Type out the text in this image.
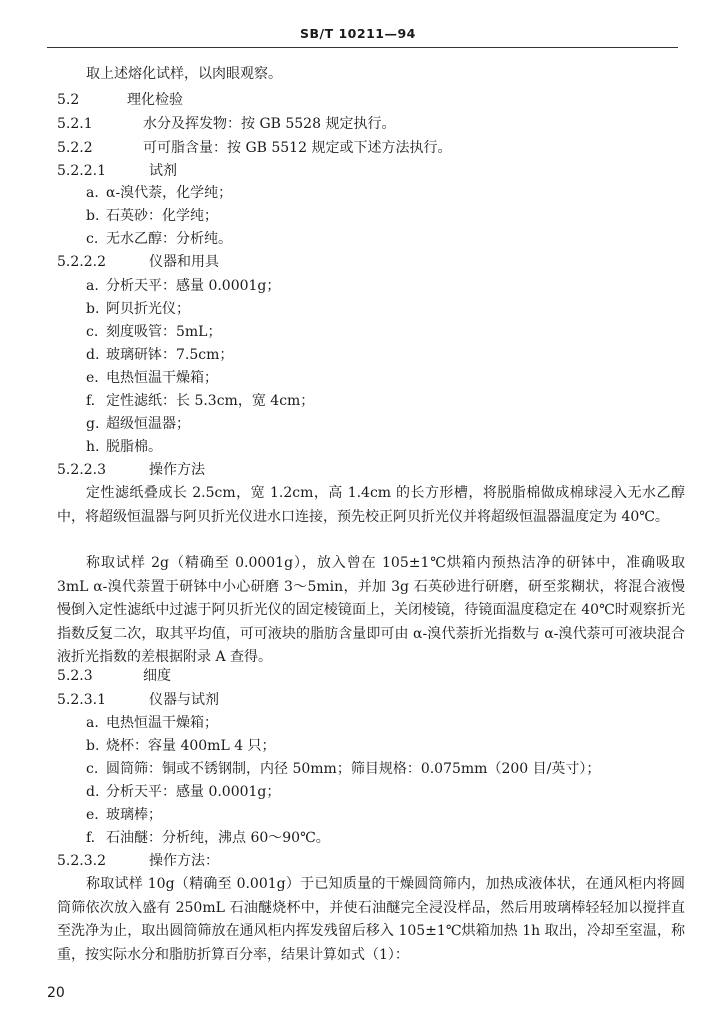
SB/T 10211—94
取上述熔化试样，以肉眼观察。
5.2	理化检验
5.2.1	水分及挥发物：按 GB 5528 规定执行。
5.2.2	可可脂含量：按 GB 5512 规定或下述方法执行。
5.2.2.1	试剂
a. α-溴代萘，化学纯；
b. 石英砂：化学纯；
c. 无水乙醇：分析纯。
5.2.2.2	仪器和用具
a. 分析天平：感量 0.0001g；
b. 阿贝折光仪；
c. 刻度吸管：5mL；
d. 玻璃研钵：7.5cm；
e. 电热恒温干燥箱；
f. 定性滤纸：长 5.3cm，宽 4cm；
g. 超级恒温器；
h. 脱脂棉。
5.2.2.3	操作方法
定性滤纸叠成长 2.5cm，宽 1.2cm，高 1.4cm 的长方形槽，将脱脂棉做成棉球浸入无水乙醇中，将超级恒温器与阿贝折光仪进水口连接，预先校正阿贝折光仪并将超级恒温器温度定为 40℃。
称取试样 2g（精确至 0.0001g），放入曾在 105±1℃烘箱内预热洁净的研钵中，准确吸取 3mL α-溴代萘置于研钵中小心研磨 3～5min，并加 3g 石英砂进行研磨，研至浆糊状，将混合液慢慢倒入定性滤纸中过滤于阿贝折光仪的固定棱镜面上，关闭棱镜，待镜面温度稳定在 40℃时观察折光指数反复二次，取其平均值，可可液块的脂肪含量即可由 α-溴代萘折光指数与 α-溴代萘可可液块混合液折光指数的差根据附录 A 查得。
5.2.3	细度
5.2.3.1	仪器与试剂
a. 电热恒温干燥箱；
b. 烧杯：容量 400mL 4 只；
c. 圆筒筛：铜或不锈钢制，内径 50mm；筛目规格：0.075mm（200 目/英寸）；
d. 分析天平：感量 0.0001g；
e. 玻璃棒；
f. 石油醚：分析纯，沸点 60～90℃。
5.2.3.2	操作方法：
称取试样 10g（精确至 0.001g）于已知质量的干燥圆筒筛内，加热成液体状，在通风柜内将圆筒筛依次放入盛有 250mL 石油醚烧杯中，并使石油醚完全浸没样品，然后用玻璃棒轻轻加以搅拌直至洗净为止，取出圆筒筛放在通风柜内挥发残留后移入 105±1℃烘箱加热 1h 取出，冷却至室温，称重，按实际水分和脂肪折算百分率，结果计算如式（1）：
20
